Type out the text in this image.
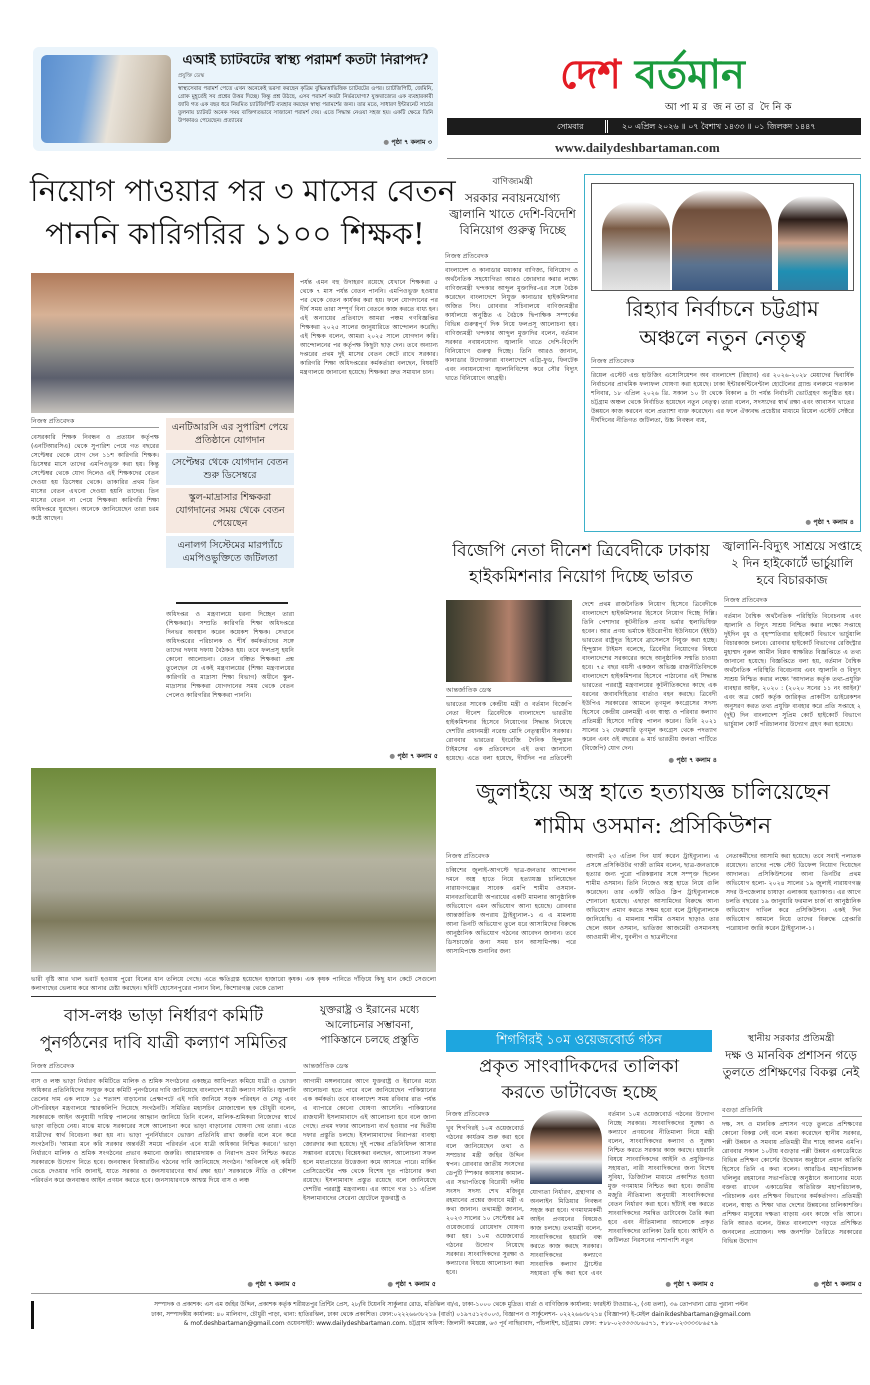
এআই চ্যাটবটের স্বাস্থ্য পরামর্শ কতটা নিরাপদ?
প্রযুক্তি ডেস্ক
স্বাস্থ্যসেবার পরামর্শ পেতে এখন অনেকেই ভরসা করছেন কৃত্রিম বুদ্ধিমত্তাভিত্তিক চ্যাটবটের ওপর। চ্যাটজিপিটি, জেমিনি, গ্রোক মুহূর্তেই সব প্রশ্নের উত্তর দিচ্ছে। কিন্তু প্রশ্ন উঠছে, এসব পরামর্শ কতটা নির্ভরযোগ্য? যুক্তরাজ্যের এক ব্যবহারকারী জাবি গত এক বছর ধরে নিয়মিত চ্যাটজিপিটি ব্যবহার করছেন স্বাস্থ্য পরামর্শের জন্য। তার মতে, সাধারণ ইন্টারনেট সার্চের তুলনায় চ্যাটবট অনেক সময় ব্যক্তিগতভাবে সাজানো পরামর্শ দেয়। এতে সিদ্ধান্ত নেওয়া সহজ হয়। একটি ক্ষেত্রে তিনি উপকারও পেয়েছেন। প্রত্যাবের
● পৃষ্ঠা ৭ কলাম ৩
দেশ বর্তমান
আ পা ম র  জ ন তা র  দৈ নি ক
সোমবার	২০ এপ্রিল ২০২৬ ॥ ০৭ বৈশাখ ১৪৩৩ ॥ ০১ জিলকদ ১৪৪৭
www.dailydeshbartaman.com
নিয়োগ পাওয়ার পর ৩ মাসের বেতন
পাননি কারিগরির ১১০০ শিক্ষক!
নিজস্ব প্রতিবেদক
বেসরকারি শিক্ষক নিবন্ধন ও প্রত্যয়ন কর্তৃপক্ষ (এনটিআরসিএ) থেকে সুপারিশ পেয়ে গত বছরের সেপ্টেম্বর থেকে যোগ দেন ১১শ কারিগরি শিক্ষক। ডিসেম্বর মাসে তাদের এমপিওভুক্ত করা হয়। কিন্তু সেপ্টেম্বর থেকে যোগ দিলেও এই শিক্ষকদের বেতন দেওয়া হয় ডিসেম্বর থেকে। তাকারির প্রথম তিন মাসের বেতন এখনো দেওয়া হয়নি তাদের। তিন মাসের বেতন না পেয়ে শিক্ষকরা কারিগরি শিক্ষা অধিদপ্তরে ঘুরছেন। অনেকে জানিয়েছেন তারা চরম কষ্টে আছেন।
এনটিআরসি এর সুপারিশ পেয়ে প্রতিষ্ঠানে যোগদান
সেপ্টেম্বর থেকে যোগদান বেতন শুরু ডিসেম্বরে
স্কুল-মাদ্রাসার শিক্ষকরা যোগদানের সময় থেকে বেতন পেয়েছেন
এনালগ সিস্টেমের মারপ্যাঁচে এমপিওভুক্তিতে জটিলতা
অধিদপ্তর ও মন্ত্রণালয়ে ধরনা দিচ্ছেন তারা (শিক্ষকরা)। সম্প্রতি কারিগরি শিক্ষা অধিদপ্তরে দিনভর অবস্থান করেন কয়েকশ শিক্ষক। সেখানে অধিদপ্তরের পরিচালক ও শীর্ষ কর্মকর্তাদের সঙ্গে তাদের দফায় দফায় বৈঠকও হয়। তবে ফলপ্রসূ হয়নি কোনো আলোচনা। বেতন বঞ্চিত শিক্ষকরা প্রশ্ন তুলেছেন যে একই মন্ত্রণালয়ের (শিক্ষা মন্ত্রণালয়ের কারিগরি ও মাদ্রাসা শিক্ষা বিভাগ) অধীনে স্কুল-মাদ্রাসার শিক্ষকরা যোগদানের সময় থেকে বেতন পেলেও কারিগরির শিক্ষকরা পাননি।
পর্যন্ত এমন বহু উদাহরণ রয়েছে যেখানে শিক্ষকরা ৫ থেকে ৭ মাস পর্যন্ত বেতন পাননি। এমপিওভুক্ত হওয়ার পর থেকে বেতন কার্যকর করা হয়। ফলে যোগদানের পর দীর্ঘ সময় তারা সম্পূর্ণ বিনা বেতনে কাজ করতে বাধ্য হন। এই অন্যায়ের প্রতিবাদে আমরা পঞ্চম গণবিজ্ঞপ্তির শিক্ষকরা ২০২৫ সালের জানুয়ারিতে আন্দোলন করেছি। এই শিক্ষক বলেন, আমরা ২০২৫ সালে যোগদান করি। আন্দোলনের পর কর্তৃপক্ষ কিছুটা ছাড় দেন। তবে অন্যান্য দপ্তরের প্রথম দুই মাসের বেতন কেটে রাখে সরকার। কারিগরি শিক্ষা অধিদপ্তরের কর্মকর্তারা বলছেন, বিষয়টি মন্ত্রণালয়ে জানানো হয়েছে। শিক্ষকরা দ্রুত সমাধান চান।
● পৃষ্ঠা ৭ কলাম ৫
বাণিজ্যমন্ত্রী
সরকার নবায়নযোগ্য জ্বালানি খাতে দেশি-বিদেশি বিনিয়োগ গুরুত্ব দিচ্ছে
নিজস্ব প্রতিবেদক
বাংলাদেশ ও কানাডার মধ্যকার বাণিজ্য, বিনিয়োগ ও অর্থনৈতিক সহযোগিতা আরও জোরদার করার লক্ষ্যে বাণিজ্যমন্ত্রী খন্দকার আব্দুল মুক্তাদির-এর সঙ্গে বৈঠক করেছেন বাংলাদেশে নিযুক্ত কানাডার হাইকমিশনার অজিত সিং। রোববার সচিবালয়ে বাণিজ্যমন্ত্রীর কার্যালয়ে অনুষ্ঠিত এ বৈঠকে দ্বিপাক্ষিক সম্পর্কের বিভিন্ন গুরুত্বপূর্ণ দিক নিয়ে ফলপ্রসূ আলোচনা হয়। বাণিজ্যমন্ত্রী খন্দকার আব্দুল মুক্তাদির বলেন, বর্তমান সরকার নবায়নযোগ্য জ্বালানি খাতে দেশি-বিদেশি বিনিয়োগে গুরুত্ব দিচ্ছে। তিনি আরও জানান, কানাডার উদ্যোক্তারা বাংলাদেশে এগ্রি-ফুড, ফিনটেক এবং নবায়নযোগ্য জ্বালানিবিশেষ করে সৌর বিদ্যুৎ খাতে বিনিয়োগে আগ্রহী।
রিহ্যাব নির্বাচনে চট্টগ্রাম
অঞ্চলে নতুন নেতৃত্ব
নিজস্ব প্রতিবেদক
রিয়েল এস্টেট এন্ড হাউজিং এসোসিয়েশন অব বাংলাদেশ (রিহ্যাব) এর ২০২৬-২০২৮ মেয়াদের দ্বিবার্ষিক নির্বাচনের প্রাথমিক ফলাফল ঘোষণা করা হয়েছে। ঢাকা ইন্টারকন্টিনেন্টাল হোটেলের গ্র্যান্ড বলরুমে গতকাল শনিবার, ১৮ এপ্রিল ২০২৬ খ্রি. সকাল ১০ টা থেকে বিকাল ৪ টা পর্যন্ত নির্বাচনী ভোটগ্রহণ অনুষ্ঠিত হয়। চট্টগ্রাম অঞ্চল থেকে নির্বাচিত হয়েছেন নতুন নেতৃত্ব। তারা বলেন, সদস্যদের স্বার্থ রক্ষা এবং আবাসন খাতের উন্নয়নে কাজ করবেন বলে প্রত্যাশা ব্যক্ত করেছেন। এর ফলে ঐক্যবদ্ধ প্রচেষ্টার মাধ্যমে রিয়েল এস্টেট সেক্টরে দীর্ঘদিনের নীতিগত জটিলতা, উচ্চ নিবন্ধন ব্যয়,
● পৃষ্ঠা ৭ কলাম ৪
বিজেপি নেতা দীনেশ ত্রিবেদীকে ঢাকায়
হাইকমিশনার নিয়োগ দিচ্ছে ভারত
আন্তর্জাতিক ডেস্ক
ভারতের সাবেক কেন্দ্রীয় মন্ত্রী ও বর্তমান বিজেপি নেতা দীনেশ ত্রিবেদীকে বাংলাদেশে ভারতীয় হাইকমিশনার হিসেবে নিয়োগের সিদ্ধান্ত নিয়েছে দেশটির প্রধানমন্ত্রী নরেন্দ্র মোদি নেতৃত্বাধীন সরকার। রোববার ভারতের ইংরেজি দৈনিক হিন্দুস্তান টাইমসের এক প্রতিবেদনে এই তথ্য জানানো হয়েছে। এতে বলা হয়েছে, দীর্ঘদিন পর প্রতিবেশী
দেশে প্রথম রাজনৈতিক নিয়োগ হিসেবে ত্রিবেদীকে বাংলাদেশে হাইকমিশনার হিসেবে নিয়োগ দিচ্ছে দিল্লি। তিনি পেশাদার কূটনীতিক প্রণয় ভর্মার স্থলাভিষিক্ত হবেন। আর প্রণয় ভর্মাকে ইউরোপীয় ইউনিয়নে (ইইউ) ভারতের রাষ্ট্রদূত হিসেবে ব্রাসেলসে নিযুক্ত করা হচ্ছে। হিন্দুস্তান টাইমস বলেছে, ত্রিবেদীর নিয়োগের বিষয়ে বাংলাদেশের সরকারের কাছে আনুষ্ঠানিক সম্মতি চাওয়া হবে। ৭৫ বছর বয়সী একজন অভিজ্ঞ রাজনীতিবিদকে বাংলাদেশে হাইকমিশনার হিসেবে পাঠানোর এই সিদ্ধান্ত ভারতের পররাষ্ট্র মন্ত্রণালয়ের কূটনীতিকদের কাছে এক ধরনের জবাবদিহিতার বার্তাও বহন করছে। ত্রিবেদী ইউপিএ সরকারের আমলে তৃণমূল কংগ্রেসের সদস্য হিসেবে কেন্দ্রীয় রেলমন্ত্রী এবং স্বাস্থ্য ও পরিবার কল্যাণ প্রতিমন্ত্রী হিসেবে দায়িত্ব পালন করেন। তিনি ২০২১ সালের ১২ ফেব্রুয়ারি তৃণমূল কংগ্রেস থেকে পদত্যাগ করেন এবং ওই বছরের ৬ মার্চ ভারতীয় জনতা পার্টিতে (বিজেপি) যোগ দেন।
● পৃষ্ঠা ৭ কলাম ৪
জ্বালানি-বিদ্যুৎ সাশ্রয়ে সপ্তাহে ২ দিন হাইকোর্টে ভার্চুয়ালি হবে বিচারকাজ
নিজস্ব প্রতিবেদক
বর্তমান বৈশ্বিক অর্থনৈতিক পরিস্থিতি বিবেচনায় এবং জ্বালানি ও বিদ্যুৎ সাশ্রয় নিশ্চিত করার লক্ষ্যে সপ্তাহে দুইদিন বুধ ও বৃহস্পতিবার হাইকোর্ট বিভাগে ভার্চুয়ালি বিচারকাজ চলবে। রোববার হাইকোর্ট বিভাগের রেজিস্ট্রার মুহাম্মদ নুরুল আমীন বিপ্লব স্বাক্ষরিত বিজ্ঞপ্তিতে এ তথ্য জানানো হয়েছে। বিজ্ঞপ্তিতে বলা হয়, বর্তমান বৈশ্বিক অর্থনৈতিক পরিস্থিতি বিবেচনায় এবং জ্বালানি ও বিদ্যুৎ সাশ্রয় নিশ্চিত করার লক্ষ্যে 'আদালত কর্তৃক তথ্য-প্রযুক্তি ব্যবহার আইন, ২০২০ : (২০২০ সনের ১১ নং আইন)' এবং অত্র কোর্ট কর্তৃক জারিকৃত প্রাকটিস ডাইরেকশন অনুসরণ করত তথ্য প্রযুক্তি ব্যবহার করে প্রতি সপ্তাহে ২ (দুই) দিন বাংলাদেশ সুপ্রিম কোর্ট হাইকোর্ট বিভাগে ভার্চুয়াল কোর্ট পরিচালনার উদ্যোগ গ্রহণ করা হয়েছে।
ভারী বৃষ্টি আর খাল ভরাট হওয়ায় পুরো বিলের ধান তলিয়ে গেছে। এতে ক্ষতিগ্রস্ত হয়েছেন হাজারো কৃষক। এক কৃষক পানিতে দাঁড়িয়ে কিছু ধান কেটে সেগুলো কলাগাছের ভেলায় করে আনার চেষ্টা করছেন। ছবিটি হোসেনপুরের পানান বিল, কিশোরগঞ্জ থেকে তোলা
জুলাইয়ে অস্ত্র হাতে হত্যাযজ্ঞ চালিয়েছেন
শামীম ওসমান: প্রসিকিউশন
নিজস্ব প্রতিবেদক
চব্বিশের জুলাই-আগস্টে ছাত্র-জনতার আন্দোলন দমনে অস্ত্র হাতে নিয়ে হত্যাযজ্ঞ চালিয়েছেন নারায়ণগঞ্জের সাবেক এমপি শামীম ওসমান- মানবতাবিরোধী অপরাধের একটি মামলার আনুষ্ঠানিক অভিযোগে এমন অভিযোগ আনা হয়েছে। রোববার আন্তর্জাতিক অপরাধ ট্রাইব্যুনাল-১ এ এ মামলায় আনা তিনটি অভিযোগ তুলে ধরে আসামিদের বিরুদ্ধে আনুষ্ঠানিক অভিযোগ গঠনের আবেদন জানান। তবে ডিসচার্জের জন্য সময় চান আসামিপক্ষ। পরে আসামিপক্ষে শুনানির জন্য
আগামী ২৩ এপ্রিল দিন ধার্য করেন ট্রাইব্যুনাল। এ প্রসঙ্গে প্রসিকিউটর গাজী তামিম বলেন, ছাত্র-জনতাকে হত্যার জন্য পুরো পরিকল্পনার সঙ্গে সম্পৃক্ত ছিলেন শামীম ওসমান। তিনি নিজেও অস্ত্র হাতে নিয়ে গুলি করেছেন। তার একটি অডিও ক্লিপ ট্রাইব্যুনালকে শোনানো হয়েছে। এছাড়া আসামিদের বিরুদ্ধে আনা অভিযোগ প্রমাণ করতে সক্ষম হবো বলে ট্রাইব্যুনালকে জানিয়েছি। এ মামলায় শামীম ওসমান ছাড়াও তার ছেলে অয়ন ওসমান, ভাতিজা আজমেরী ওসমানসহ আওয়ামী লীগ, যুবলীগ ও ছাত্রলীগের
নেতাকর্মীদের আসামি করা হয়েছে। তবে সবাই পলাতক রয়েছেন। তাদের পক্ষে স্টেট ডিফেন্স নিয়োগ দিয়েছেন আদালত। প্রসিকিউশনের আনা তিনটির প্রথম অভিযোগ হলো- ২০২৪ সালের ১৯ জুলাই নারায়ণগঞ্জ সদর উপজেলার চাষাড়া এলাকায় হত্যাকাণ্ড। এর আগে চলতি বছরের ১৯ জানুয়ারি ফরমাল চার্জ বা আনুষ্ঠানিক অভিযোগ দাখিল করে প্রসিকিউশন। একই দিন অভিযোগ আমলে নিয়ে তাদের বিরুদ্ধে গ্রেপ্তারি পরোয়ানা জারি করেন ট্রাইব্যুনাল-১।
বাস-লঞ্চ ভাড়া নির্ধারণ কমিটি
পুনর্গঠনের দাবি যাত্রী কল্যাণ সমিতির
নিজস্ব প্রতিবেদক
বাস ও লঞ্চ ভাড়া নির্ধারণ কমিটিতে মালিক ও শ্রমিক সংগঠনের একচ্ছত্র আধিপত্য কমিয়ে যাত্রী ও ভোক্তা অধিকার প্রতিনিধিদের সংযুক্ত করে কমিটি পুনর্গঠনের দাবি জানিয়েছে বাংলাদেশ যাত্রী কল্যাণ সমিতি। জ্বালানি তেলের দাম এক লাফে ১৫ শতাংশ বাড়ানোর প্রেক্ষাপটে এই দাবি জানিয়ে সড়ক পরিবহন ও সেতু এবং নৌপরিবহন মন্ত্রণালয়ে স্মারকলিপি দিয়েছে সংগঠনটি। সমিতির মহাসচিব মোজাম্মেল হক চৌধুরী বলেন, সরকারকে আইন অনুযায়ী দায়িত্ব পালনের আহ্বান জানিয়ে তিনি বলেন, মালিক-শ্রমিকরা নিজেদের স্বার্থে ভাড়া বাড়িয়ে নেয়। মাঝে মাঝে সরকারের সঙ্গে আলোচনা করে ভাড়া বাড়ানোর ঘোষণা দেয় তারা। এতে যাত্রীদের স্বার্থ বিবেচনা করা হয় না। ভাড়া পুনর্নির্ধারণে ভোক্তা প্রতিনিধি রাখা জরুরি বলে মনে করে সংগঠনটি। 'আমরা মনে করি সরকার অন্তর্বর্তী সময়ে পরিবর্তন এনে যাত্রী অধিকার নিশ্চিত করবে।' ভাড়া নির্ধারণে মালিক ও শ্রমিক সংগঠনের প্রভাব কমানো জরুরি। আরামদায়ক ও নিরাপদ ভ্রমণ নিশ্চিত করতে সরকারকে উদ্যোগ নিতে হবে। জনবান্ধব বিআরটিএ গঠনের দাবি জানিয়েছে সংগঠন। 'অবিলম্বে এই কমিটি ভেঙে দেওয়ার দাবি জানাই, যাতে সরকার ও জনসাধারণের স্বার্থ রক্ষা হয়।' সরকারকে নীতি ও কৌশল পরিবর্তন করে জনবান্ধব আইন প্রণয়ন করতে হবে। জনসাধারণকে আশ্বস্ত দিয়ে বাস ও লঞ্চ
● পৃষ্ঠা ৭ কলাম ৫
যুক্তরাষ্ট্র ও ইরানের মধ্যে আলোচনার সম্ভাবনা, পাকিস্তানে চলছে প্রস্তুতি
আন্তর্জাতিক ডেস্ক
আগামী মঙ্গলবারের আগে যুক্তরাষ্ট্র ও ইরানের মধ্যে আলোচনা হতে পারে বলে জানিয়েছেন পাকিস্তানের এক কর্মকর্তা। তবে বাংলাদেশ সময় রবিবার রাত পর্যন্ত এ ব্যাপারে কোনো ঘোষণা আসেনি। পাকিস্তানের রাজধানী ইসলামাবাদে এই আলোচনা হবে বলে জানা গেছে। প্রথম দফার আলোচনা ব্যর্থ হওয়ার পর দ্বিতীয় দফার প্রস্তুতি চলছে। ইসলামাবাদের নিরাপত্তা ব্যবস্থা জোরদার করা হয়েছে। দুই পক্ষের প্রতিনিধিদল আসার সম্ভাবনা রয়েছে। বিশ্লেষকরা বলছেন, আলোচনা সফল হলে মধ্যপ্রাচ্যের উত্তেজনা কমে আসতে পারে। মার্কিন প্রেসিডেন্টের পক্ষ থেকে বিশেষ দূত পাঠানোর কথা রয়েছে। ইসলামাবাদ প্রস্তুত রয়েছে বলে জানিয়েছে দেশটির পররাষ্ট্র মন্ত্রণালয়। এর আগে গত ১১ এপ্রিল ইসলামাবাদের সেরেনা হোটেলে যুক্তরাষ্ট্র ও
● পৃষ্ঠা ৭ কলাম ৫
শিগগিরই ১০ম ওয়েজবোর্ড গঠন
প্রকৃত সাংবাদিকদের তালিকা
করতে ডাটাবেজ হচ্ছে
নিজস্ব প্রতিবেদক
খুব শিগগিরই ১০ম ওয়েজবোর্ড গঠনের কার্যক্রম শুরু করা হবে বলে জানিয়েছেন তথ্য ও সম্প্রচার মন্ত্রী জহির উদ্দিন স্বপন। রোববার জাতীয় সংসদের ডেপুটি স্পিকার কায়সার কামাল-এর সভাপতিত্বে বিরোধী দলীয় সংসদ সদস্য শেখ মজিবুর রহমানের প্রশ্নের জবাবে মন্ত্রী এ কথা জানান। তথ্যমন্ত্রী জানান, ২০২৩ সালের ১০ সেপ্টেম্বর ৯ম ওয়েজবোর্ড রোয়েদাদ ঘোষণা করা হয়। ১০ম ওয়েজবোর্ড গঠনের উদ্যোগ নিয়েছে সরকার। সাংবাদিকদের সুরক্ষা ও কল্যাণের বিষয়ে আলোচনা করা হবে।
যোগ্যতা নির্ধারণ, গ্রন্থাগার ও অনলাইন মিডিয়ার নিবন্ধন সহজ করা হবে। গণমাধ্যমকর্মী আইন প্রণয়নের বিষয়েও কাজ চলছে। তথ্যমন্ত্রী বলেন, সাংবাদিকদের হয়রানি বন্ধ করতে কাজ করছে সরকার। সাংবাদিকদের কল্যাণে সাংবাদিক কল্যাণ ট্রাস্টের সহায়তা বৃদ্ধি করা হবে এবং
বর্তমান ১০ম ওয়েজবোর্ড গঠনের উদ্যোগ নিচ্ছে সরকার। সাংবাদিকদের সুরক্ষা ও কল্যাণে প্রণয়নের নীতিমালা নিয়ে মন্ত্রী বলেন, সাংবাদিকদের কল্যাণ ও সুরক্ষা নিশ্চিত করতে সরকার কাজ করছে। হয়রানি বিষয়ে সাংবাদিকদের আইনি ও প্রযুক্তিগত সহায়তা, নারী সাংবাদিকদের জন্য বিশেষ সুবিধা, ডিজিটাল মাধ্যমে প্রকাশিত হওয়া মুক্ত গণমাধ্যম নিশ্চিত করা হবে। জাতীয় মজুরি নীতিমালা অনুযায়ী সাংবাদিকদের বেতন নির্ধারণ করা হবে। ছাঁটাই বন্ধ করতে সাংবাদিকদের সমন্বিত ডাটাবেজ তৈরি করা হবে এবং নীতিমালার আলোকে প্রকৃত সাংবাদিকদের তালিকা তৈরি হবে। আইনি ও জটিলতা নিরসনের পাশাপাশি নতুন
● পৃষ্ঠা ৭ কলাম ৫
স্থানীয় সরকার প্রতিমন্ত্রী
দক্ষ ও মানবিক প্রশাসন গড়ে তুলতে প্রশিক্ষণের বিকল্প নেই
বগুড়া প্রতিনিধি
দক্ষ, সৎ ও মানবিক প্রশাসন গড়ে তুলতে প্রশিক্ষণের কোনো বিকল্প নেই বলে মন্তব্য করেছেন স্থানীয় সরকার, পল্লী উন্নয়ন ও সমবায় প্রতিমন্ত্রী মীর শাহে আলম এমপি। রোববার সকাল ১০টায় বগুড়ার পল্লী উন্নয়ন একাডেমিতে বিভিন্ন প্রশিক্ষণ কোর্সের উদ্বোধন অনুষ্ঠানে প্রধান অতিথি হিসেবে তিনি এ কথা বলেন। আরডিএ মহাপরিচালক খলিলুর রহমানের সভাপতিত্বে অনুষ্ঠানে অন্যান্যের মধ্যে বক্তব্য রাখেন একাডেমির অতিরিক্ত মহাপরিচালক, পরিচালক এবং প্রশিক্ষণ বিভাগের কর্মকর্তাগণ। প্রতিমন্ত্রী বলেন, স্বাস্থ্য ও শিক্ষা খাত দেশের উন্নয়নের চালিকাশক্তি। প্রশিক্ষণ মানুষের দক্ষতা বাড়ায় এবং কাজে গতি আনে। তিনি আরও বলেন, উন্নত বাংলাদেশ গড়তে প্রশিক্ষিত জনবলের প্রয়োজন। দক্ষ জনশক্তি তৈরিতে সরকারের বিভিন্ন উদ্যোগ
● পৃষ্ঠা ৭ কলাম ৫
সম্পাদক ও প্রকাশক: এস এম জহির উদ্দিন, প্রকাশক কর্তৃক শরীয়তপুর প্রিন্টিং প্রেস, ২৮/বি টয়েনবি সার্কুলার রোড, মতিঝিল বা/এ, ঢাকা-১০০০ থেকে মুদ্রিত। বার্তা ও বাণিজ্যিক কার্যালয়: ফারইস্ট টাওয়ার-২, (৩য় তলা), ৩৬ তোপখানা রোড পুরানা পল্টন
ঢাকা, সম্পাদকীয় কার্যালয়: ৪০ মালিবাগ, চৌধুরী পাড়া, থানা: হাতিরঝিল, ঢাকা থেকে প্রকাশিত। ফোন:০২২২৬৬৩৮২১৬ (বার্তা) ০১৯৭৫১২৩০০৩, বিজ্ঞাপন ও সার্কুলেশন- ০২২২৬৬৩৮২১৪ (বিজ্ঞাপন) ই-মেইল dainikdeshbartaman@gmail.com
& mof.deshbartaman@gmail.com ওয়েবসাইট: www.dailydeshbartaman.com. চট্টগ্রাম অফিস: জিলানী কমপ্লেক্স, ৬৩ পূর্ব নাছিরাবাদ, পাঁচলাইশ, চট্টগ্রাম। ফোন: +৮৮-০২৩৩৩৩৮৬৫৭১, +৮৮-০২৩৩৩৩৮৬৫৭৯
